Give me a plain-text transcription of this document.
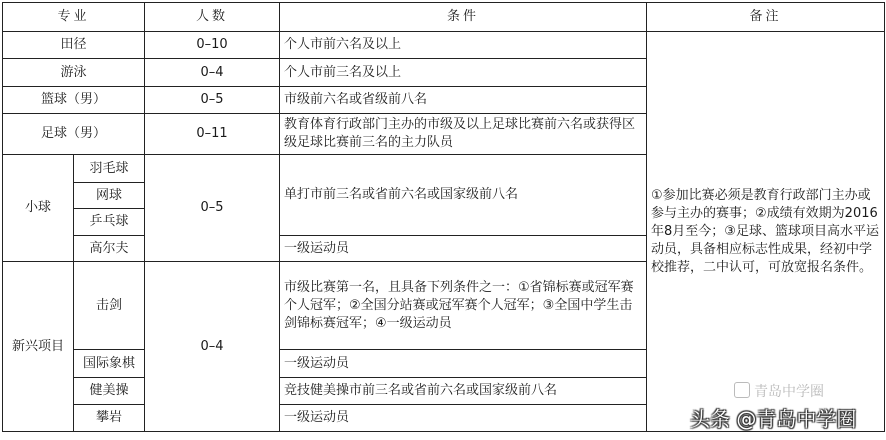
专业		人数	条件	备注
田径		0–10	个人市前六名及以上	①参加比赛必须是教育行政部门主办或参与主办的赛事；②成绩有效期为2016年8月至今；③足球、篮球项目高水平运动员，具备相应标志性成果，经初中学校推荐，二中认可，可放宽报名条件。
游泳		0–4	个人市前三名及以上	
篮球（男）		0–5	市级前六名或省级前八名	
足球（男）		0–11	教育体育行政部门主办的市级及以上足球比赛前六名或获得区级足球比赛前三名的主力队员	
小球	羽毛球	0–5	单打市前三名或省前六名或国家级前八名	
	网球			
	乒乓球			
	高尔夫		一级运动员	
新兴项目	击剑	0–4	市级比赛第一名，且具备下列条件之一：①省锦标赛或冠军赛个人冠军；②全国分站赛或冠军赛个人冠军；③全国中学生击剑锦标赛冠军；④一级运动员	
	国际象棋		一级运动员	
	健美操		竞技健美操市前三名或省前六名或国家级前八名	
	攀岩		一级运动员	
青岛中学圈
头条 @青岛中学圈
